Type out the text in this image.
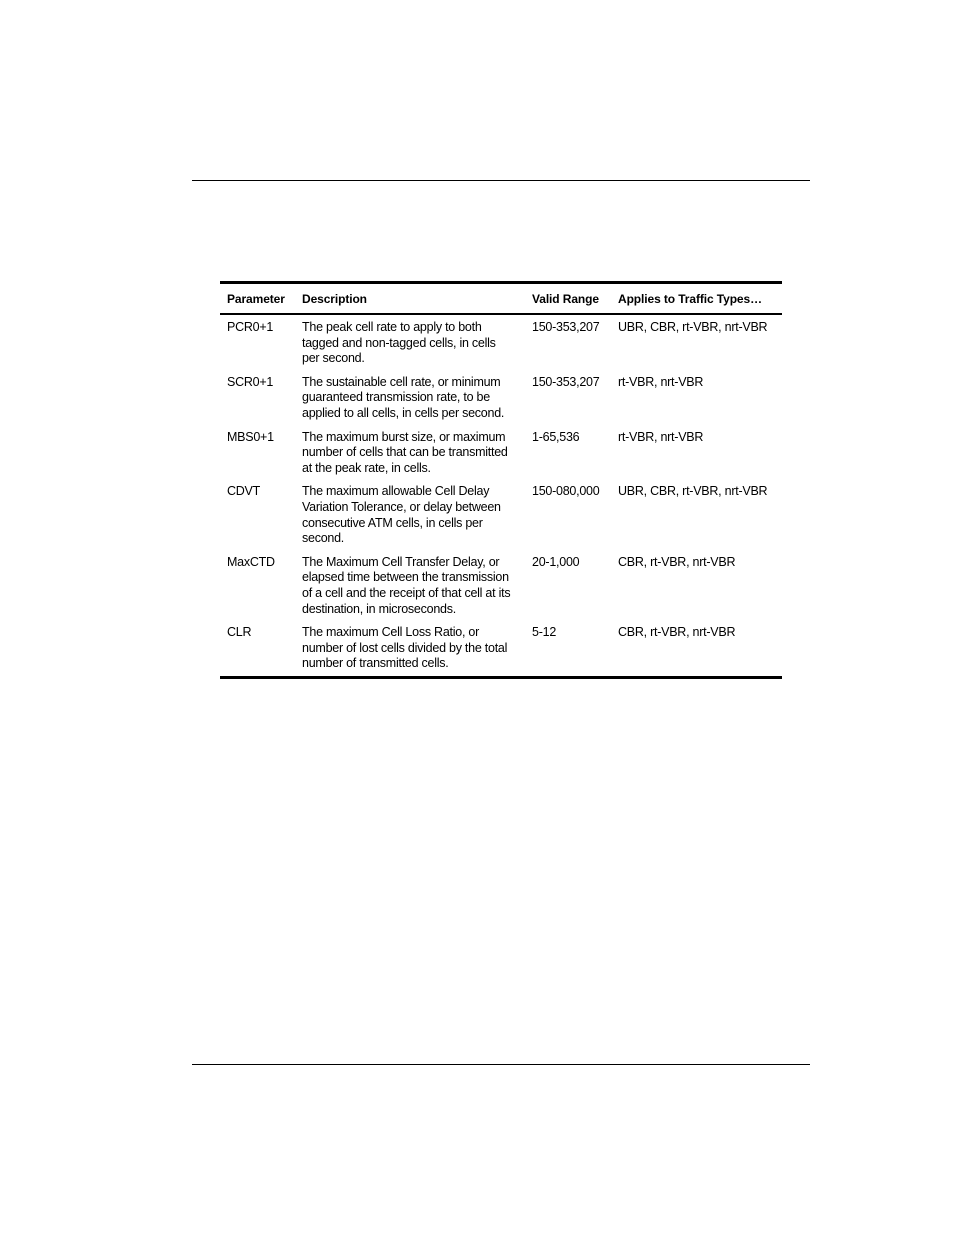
Parameter Description	Valid Range Applies to Traffic Types…
PCR0+1 The peak cell rate to apply to both
tagged and non-tagged cells, in cells
per second.
150-353,207 UBR, CBR, rt-VBR, nrt-VBR
SCR0+1 The sustainable cell rate, or minimum
guaranteed transmission rate, to be
applied to all cells, in cells per second.
150-353,207 rt-VBR, nrt-VBR
MBS0+1 The maximum burst size, or maximum
number of cells that can be transmitted
at the peak rate, in cells.
1-65,536	rt-VBR, nrt-VBR
CDVT	The maximum allowable Cell Delay
Variation Tolerance, or delay between
consecutive ATM cells, in cells per
second.
150-080,000 UBR, CBR, rt-VBR, nrt-VBR
MaxCTD The Maximum Cell Transfer Delay, or
elapsed time between the transmission
of a cell and the receipt of that cell at its
destination, in microseconds.
20-1,000	CBR, rt-VBR, nrt-VBR
CLR	The maximum Cell Loss Ratio, or
number of lost cells divided by the total
number of transmitted cells.
5-12	CBR, rt-VBR, nrt-VBR
